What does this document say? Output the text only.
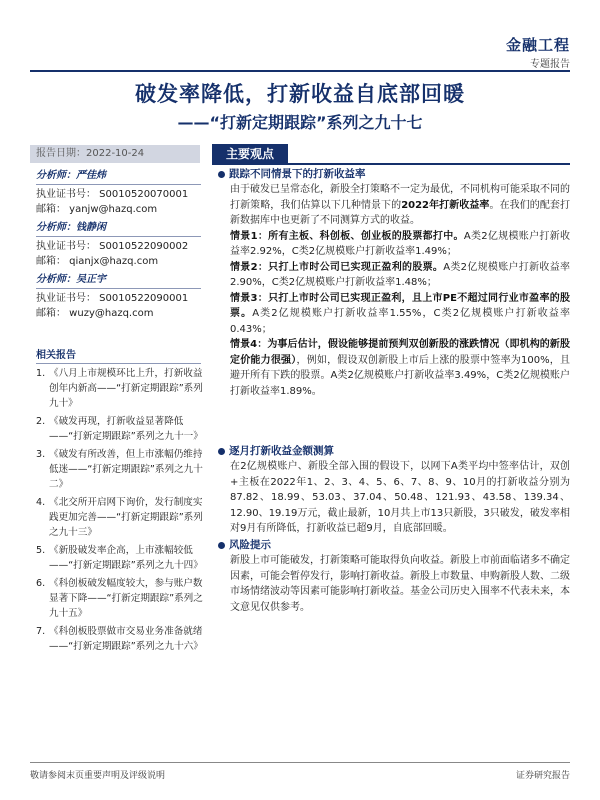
金融工程
专题报告
破发率降低，打新收益自底部回暖
——“打新定期跟踪”系列之九十七
报告日期：2022-10-24	主要观点
分析师：严佳炜
执业证书号： S0010520070001
邮箱： yanjw@hazq.com
分析师：钱静闲
执业证书号： S0010522090002
邮箱： qianjx@hazq.com
分析师：吴正宇
执业证书号： S0010522090001
邮箱： wuzy@hazq.com
相关报告
1. 《八月上市规模环比上升，打新收益创年内新高——“打新定期跟踪”系列九十》
2. 《破发再现，打新收益显著降低——“打新定期跟踪”系列之九十一》
3. 《破发有所改善，但上市涨幅仍维持低迷——“打新定期跟踪”系列之九十二》
4. 《北交所开启网下询价，发行制度实践更加完善——“打新定期跟踪”系列之九十三》
5. 《新股破发率企高，上市涨幅较低——“打新定期跟踪”系列之九十四》
6. 《科创板破发幅度较大，参与账户数显著下降——“打新定期跟踪”系列之九十五》
7. 《科创板股票做市交易业务准备就绪——“打新定期跟踪”系列之九十六》
跟踪不同情景下的打新收益率

由于破发已呈常态化，新股全打策略不一定为最优，不同机构可能采取不同的打新策略，我们估算以下几种情景下的2022年打新收益率。在我们的配套打新数据库中也更新了不同测算方式的收益。

情景1：所有主板、科创板、创业板的股票都打中。A类2亿规模账户打新收益率2.92%，C类2亿规模账户打新收益率1.49%；

情景2：只打上市时公司已实现正盈利的股票。A类2亿规模账户打新收益率2.90%，C类2亿规模账户打新收益率1.48%；

情景3：只打上市时公司已实现正盈利，且上市PE不超过同行业市盈率的股票。A类2亿规模账户打新收益率1.55%，C类2亿规模账户打新收益率0.43%；

情景4：为事后估计，假设能够提前预判双创新股的涨跌情况（即机构的新股定价能力很强），例如，假设双创新股上市后上涨的股票中签率为100%，且避开所有下跌的股票。A类2亿规模账户打新收益率3.49%，C类2亿规模账户打新收益率1.89%。

逐月打新收益金额测算

在2亿规模账户、新股全部入围的假设下，以网下A类平均中签率估计，双创+主板在2022年1、2、3、4、5、6、7、8、9、10月的打新收益分别为87.82、18.99、53.03、37.04、50.48、121.93、43.58、139.34、12.90、19.19万元，截止最新，10月共上市13只新股，3只破发，破发率相对9月有所降低，打新收益已超9月，自底部回暖。

风险提示

新股上市可能破发，打新策略可能取得负向收益。新股上市前面临诸多不确定因素，可能会暂停发行，影响打新收益。新股上市数量、申购新股人数、二级市场情绪波动等因素可能影响打新收益。基金公司历史入围率不代表未来，本文意见仅供参考。

敬请参阅末页重要声明及评级说明	证券研究报告
